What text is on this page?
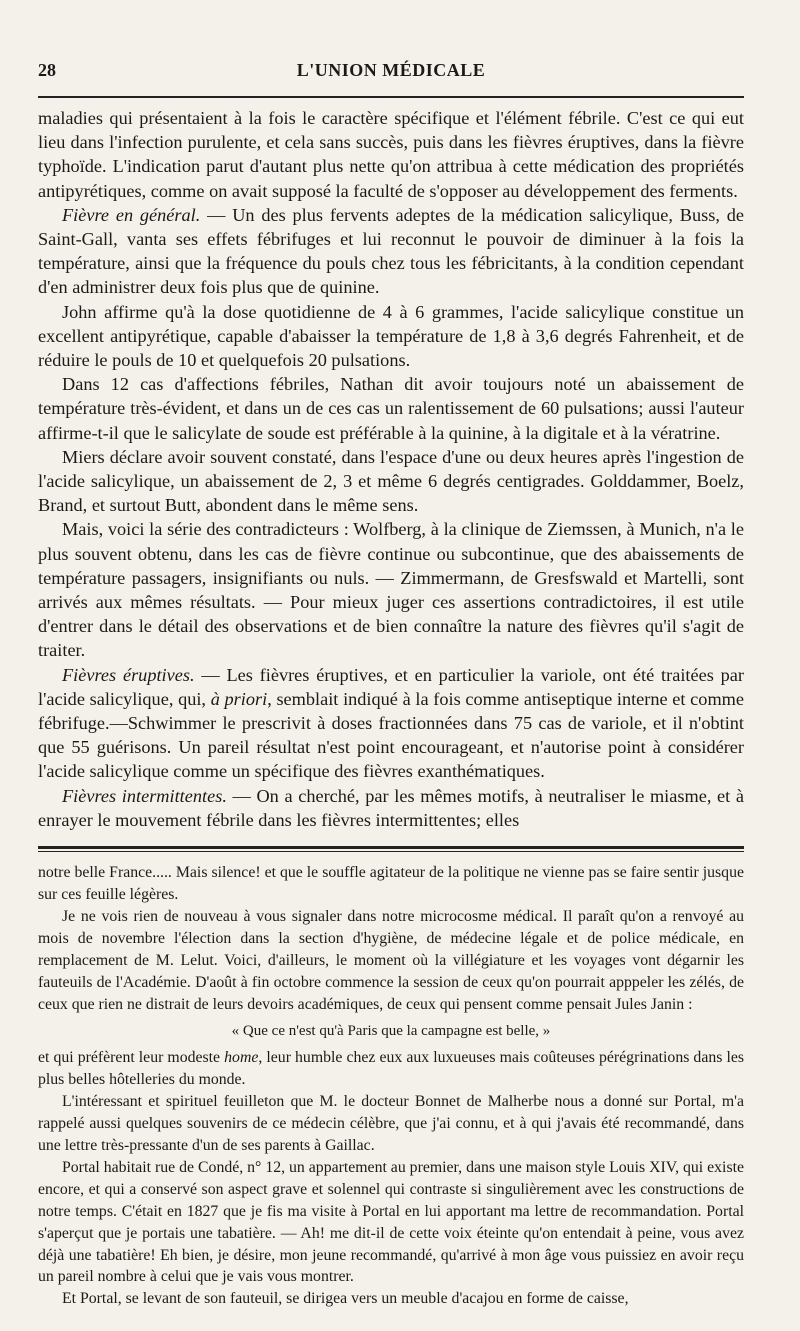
28	L'UNION MÉDICALE

maladies qui présentaient à la fois le caractère spécifique et l'élément fébrile. C'est ce qui eut lieu dans l'infection purulente, et cela sans succès, puis dans les fièvres éruptives, dans la fièvre typhoïde. L'indication parut d'autant plus nette qu'on attribua à cette médication des propriétés antipyrétiques, comme on avait supposé la faculté de s'opposer au développement des ferments.

Fièvre en général. — Un des plus fervents adeptes de la médication salicylique, Buss, de Saint-Gall, vanta ses effets fébrifuges et lui reconnut le pouvoir de diminuer à la fois la température, ainsi que la fréquence du pouls chez tous les fébricitants, à la condition cependant d'en administrer deux fois plus que de quinine.

John affirme qu'à la dose quotidienne de 4 à 6 grammes, l'acide salicylique constitue un excellent antipyrétique, capable d'abaisser la température de 1,8 à 3,6 degrés Fahrenheit, et de réduire le pouls de 10 et quelquefois 20 pulsations.

Dans 12 cas d'affections fébriles, Nathan dit avoir toujours noté un abaissement de température très-évident, et dans un de ces cas un ralentissement de 60 pulsations; aussi l'auteur affirme-t-il que le salicylate de soude est préférable à la quinine, à la digitale et à la vératrine.

Miers déclare avoir souvent constaté, dans l'espace d'une ou deux heures après l'ingestion de l'acide salicylique, un abaissement de 2, 3 et même 6 degrés centigrades. Golddammer, Boelz, Brand, et surtout Butt, abondent dans le même sens.

Mais, voici la série des contradicteurs : Wolfberg, à la clinique de Ziemssen, à Munich, n'a le plus souvent obtenu, dans les cas de fièvre continue ou subcontinue, que des abaissements de température passagers, insignifiants ou nuls. — Zimmermann, de Gresfswald et Martelli, sont arrivés aux mêmes résultats. — Pour mieux juger ces assertions contradictoires, il est utile d'entrer dans le détail des observations et de bien connaître la nature des fièvres qu'il s'agit de traiter.

Fièvres éruptives. — Les fièvres éruptives, et en particulier la variole, ont été traitées par l'acide salicylique, qui, à priori, semblait indiqué à la fois comme antiseptique interne et comme fébrifuge.—Schwimmer le prescrivit à doses fractionnées dans 75 cas de variole, et il n'obtint que 55 guérisons. Un pareil résultat n'est point encourageant, et n'autorise point à considérer l'acide salicylique comme un spécifique des fièvres exanthématiques.

Fièvres intermittentes. — On a cherché, par les mêmes motifs, à neutraliser le miasme, et à enrayer le mouvement fébrile dans les fièvres intermittentes; elles

notre belle France..... Mais silence! et que le souffle agitateur de la politique ne vienne pas se faire sentir jusque sur ces feuille légères.

Je ne vois rien de nouveau à vous signaler dans notre microcosme médical. Il paraît qu'on a renvoyé au mois de novembre l'élection dans la section d'hygiène, de médecine légale et de police médicale, en remplacement de M. Lelut. Voici, d'ailleurs, le moment où la villégiature et les voyages vont dégarnir les fauteuils de l'Académie. D'août à fin octobre commence la session de ceux qu'on pourrait apppeler les zélés, de ceux que rien ne distrait de leurs devoirs académiques, de ceux qui pensent comme pensait Jules Janin :

« Que ce n'est qu'à Paris que la campagne est belle, »

et qui préfèrent leur modeste home, leur humble chez eux aux luxueuses mais coûteuses pérégrinations dans les plus belles hôtelleries du monde.

L'intéressant et spirituel feuilleton que M. le docteur Bonnet de Malherbe nous a donné sur Portal, m'a rappelé aussi quelques souvenirs de ce médecin célèbre, que j'ai connu, et à qui j'avais été recommandé, dans une lettre très-pressante d'un de ses parents à Gaillac.

Portal habitait rue de Condé, n° 12, un appartement au premier, dans une maison style Louis XIV, qui existe encore, et qui a conservé son aspect grave et solennel qui contraste si singulièrement avec les constructions de notre temps. C'était en 1827 que je fis ma visite à Portal en lui apportant ma lettre de recommandation. Portal s'aperçut que je portais une tabatière. — Ah! me dit-il de cette voix éteinte qu'on entendait à peine, vous avez déjà une tabatière! Eh bien, je désire, mon jeune recommandé, qu'arrivé à mon âge vous puissiez en avoir reçu un pareil nombre à celui que je vais vous montrer.

Et Portal, se levant de son fauteuil, se dirigea vers un meuble d'acajou en forme de caisse,
